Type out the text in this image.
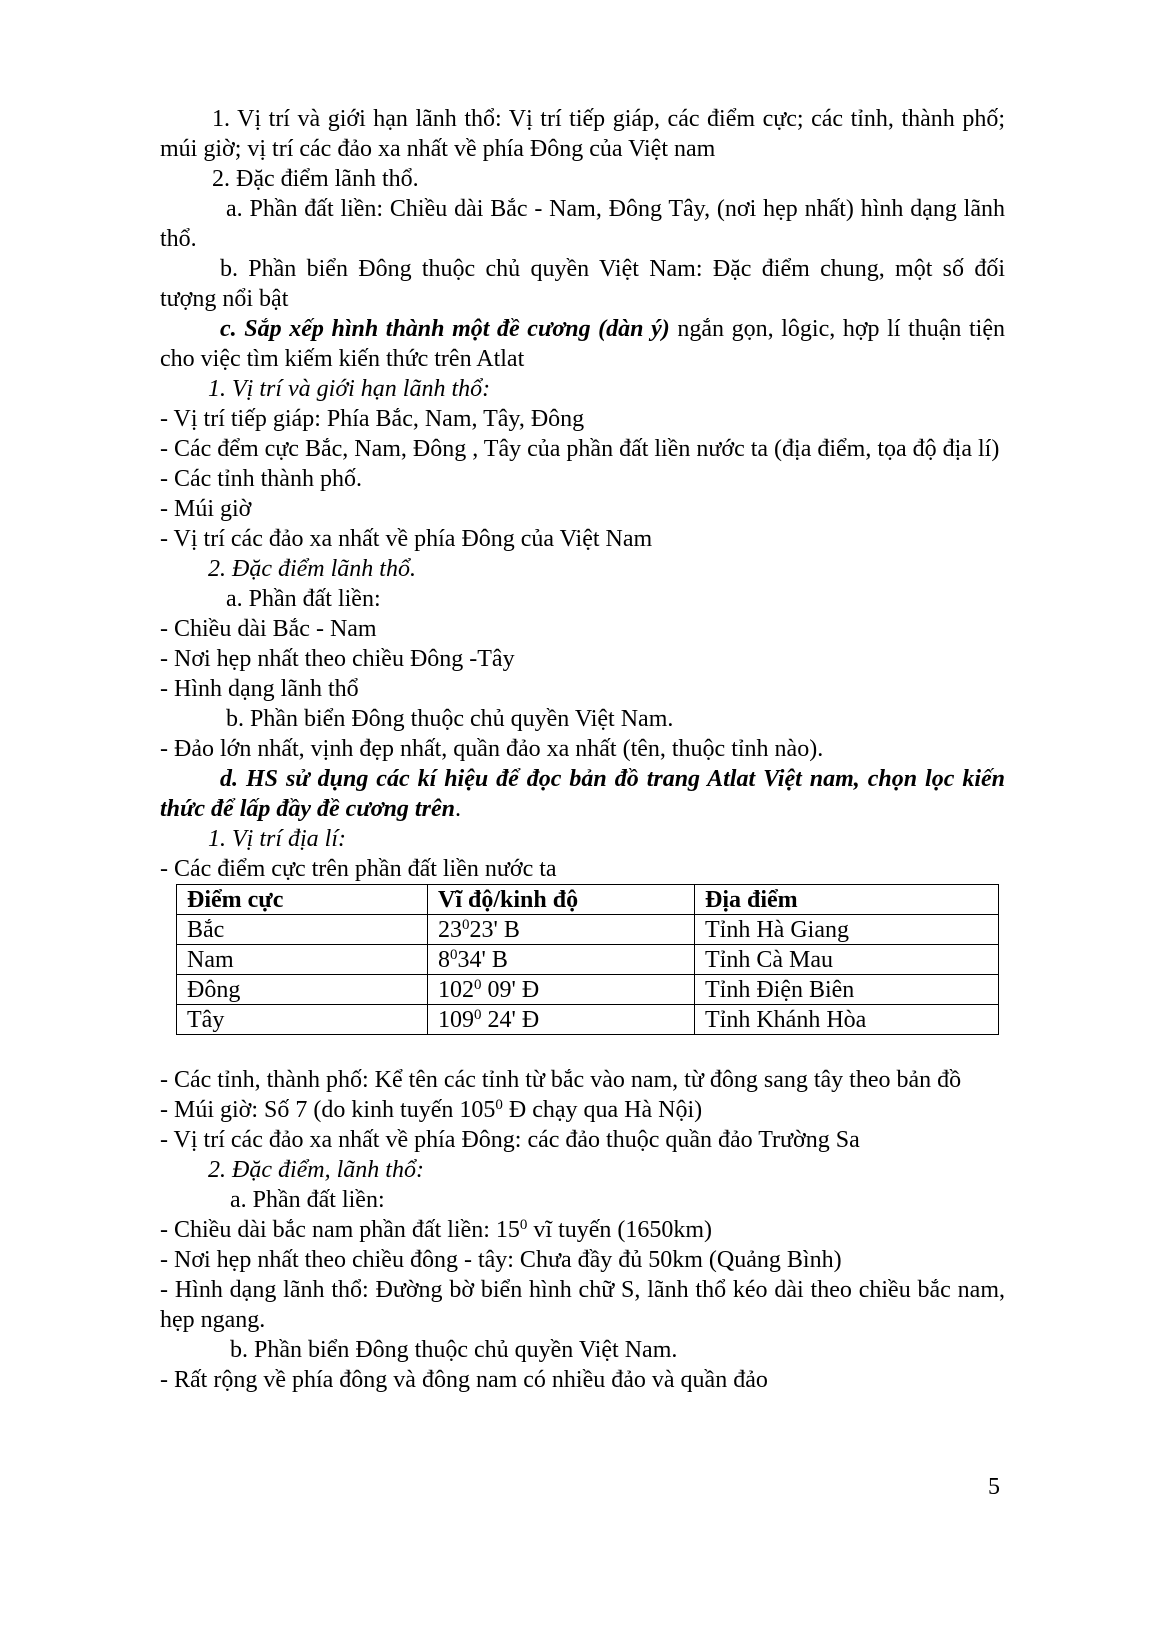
1. Vị trí và giới hạn lãnh thổ: Vị trí tiếp giáp, các điểm cực; các tỉnh, thành phố; múi giờ; vị trí các đảo xa nhất về phía Đông của Việt nam

2. Đặc điểm lãnh thổ.

a. Phần đất liền: Chiều dài Bắc - Nam, Đông Tây, (nơi hẹp nhất) hình dạng lãnh thổ.

b. Phần biển Đông thuộc chủ quyền Việt Nam: Đặc điểm chung, một số đối tượng nổi bật

c. Sắp xếp hình thành một đề cương (dàn ý) ngắn gọn, lôgic, hợp lí thuận tiện cho việc tìm kiếm kiến thức trên Atlat

1. Vị trí và giới hạn lãnh thổ:

- Vị trí tiếp giáp: Phía Bắc, Nam, Tây, Đông

- Các đểm cực Bắc, Nam, Đông , Tây của phần đất liền nước ta (địa điểm, tọa độ địa lí)

- Các tỉnh thành phố.

- Múi giờ

- Vị trí các đảo xa nhất về phía Đông của Việt Nam

2. Đặc điểm lãnh thổ.

a. Phần đất liền:

- Chiều dài Bắc - Nam

- Nơi hẹp nhất theo chiều Đông -Tây

- Hình dạng lãnh thổ

b. Phần biển Đông thuộc chủ quyền Việt Nam.

- Đảo lớn nhất, vịnh đẹp nhất, quần đảo xa nhất (tên, thuộc tỉnh nào).

d. HS sử dụng các kí hiệu để đọc bản đồ trang Atlat Việt nam, chọn lọc kiến thức để lấp đầy đề cương trên.

1. Vị trí địa lí:

- Các điểm cực trên phần đất liền nước ta

Điểm cực	Vĩ độ/kinh độ	Địa điểm
Bắc	$23^023'$ B	Tỉnh Hà Giang
Nam	$8^034'$ B	Tỉnh Cà Mau
Đông	$102^0$ 09' Đ	Tỉnh Điện Biên
Tây	$109^0$ 24' Đ	Tỉnh Khánh Hòa

- Các tỉnh, thành phố: Kể tên các tỉnh từ bắc vào nam, từ đông sang tây theo bản đồ

- Múi giờ: Số 7 (do kinh tuyến $105^0$ Đ chạy qua Hà Nội)

- Vị trí các đảo xa nhất về phía Đông: các đảo thuộc quần đảo Trường Sa

2. Đặc điểm, lãnh thổ:

a. Phần đất liền:

- Chiều dài bắc nam phần đất liền: $15^0$ vĩ tuyến (1650km)

- Nơi hẹp nhất theo chiều đông - tây: Chưa đầy đủ 50km (Quảng Bình)

- Hình dạng lãnh thổ: Đường bờ biển hình chữ S, lãnh thổ kéo dài theo chiều bắc nam, hẹp ngang.

b. Phần biển Đông thuộc chủ quyền Việt Nam.

- Rất rộng về phía đông và đông nam có nhiều đảo và quần đảo

5
